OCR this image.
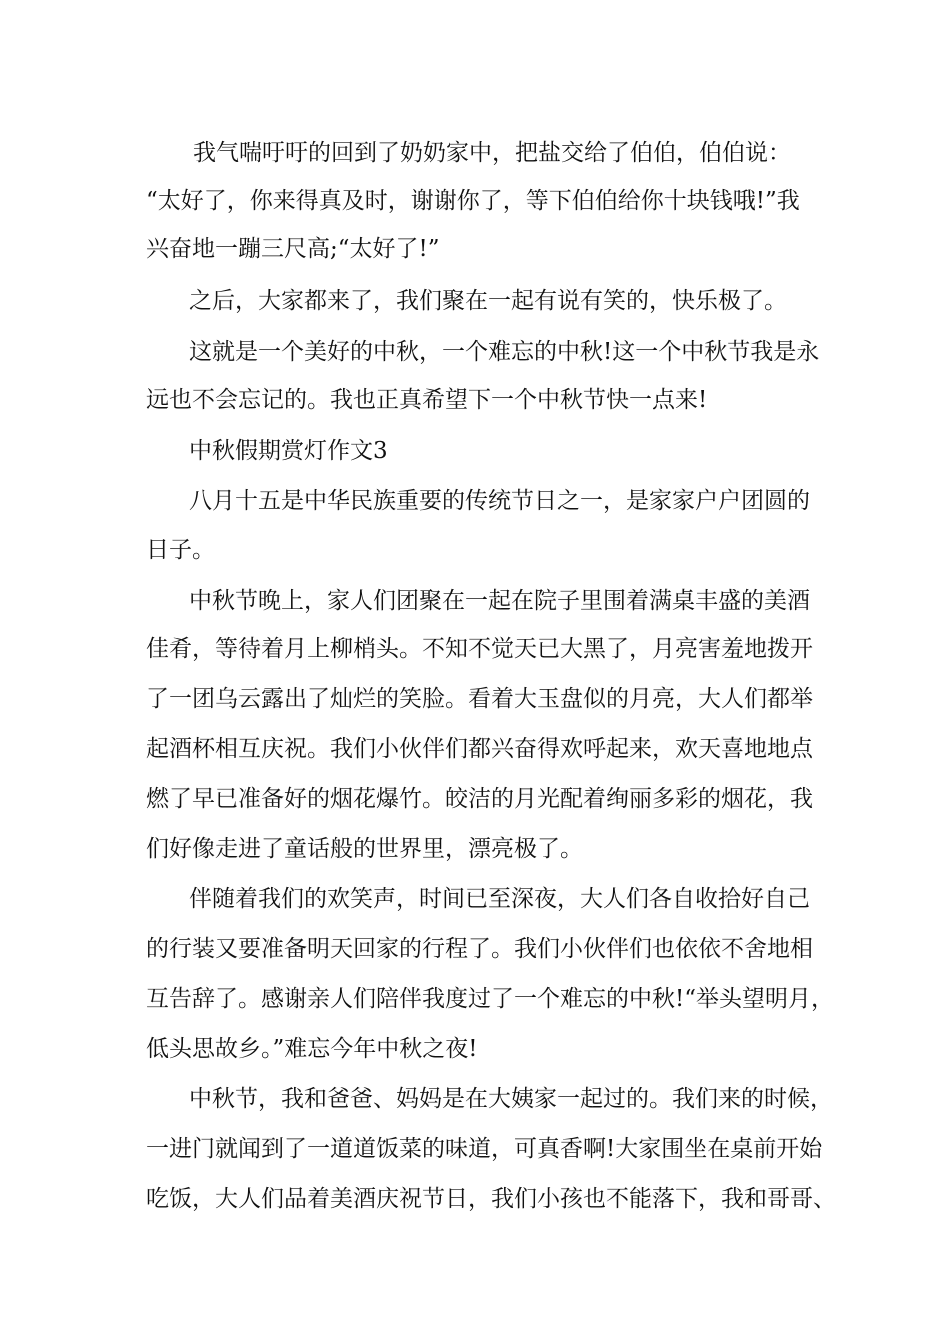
我气喘吁吁的回到了奶奶家中，把盐交给了伯伯，伯伯说：
“太好了，你来得真及时，谢谢你了，等下伯伯给你十块钱哦!”我
兴奋地一蹦三尺高;“太好了!”
之后，大家都来了，我们聚在一起有说有笑的，快乐极了。
这就是一个美好的中秋，一个难忘的中秋!这一个中秋节我是永
远也不会忘记的。我也正真希望下一个中秋节快一点来!
中秋假期赏灯作文3
八月十五是中华民族重要的传统节日之一，是家家户户团圆的
日子。
中秋节晚上，家人们团聚在一起在院子里围着满桌丰盛的美酒
佳肴，等待着月上柳梢头。不知不觉天已大黑了，月亮害羞地拨开
了一团乌云露出了灿烂的笑脸。看着大玉盘似的月亮，大人们都举
起酒杯相互庆祝。我们小伙伴们都兴奋得欢呼起来，欢天喜地地点
燃了早已准备好的烟花爆竹。皎洁的月光配着绚丽多彩的烟花，我
们好像走进了童话般的世界里，漂亮极了。
伴随着我们的欢笑声，时间已至深夜，大人们各自收拾好自己
的行装又要准备明天回家的行程了。我们小伙伴们也依依不舍地相
互告辞了。感谢亲人们陪伴我度过了一个难忘的中秋!“举头望明月，
低头思故乡。”难忘今年中秋之夜!
中秋节，我和爸爸、妈妈是在大姨家一起过的。我们来的时候，
一进门就闻到了一道道饭菜的味道，可真香啊!大家围坐在桌前开始
吃饭，大人们品着美酒庆祝节日，我们小孩也不能落下，我和哥哥、
